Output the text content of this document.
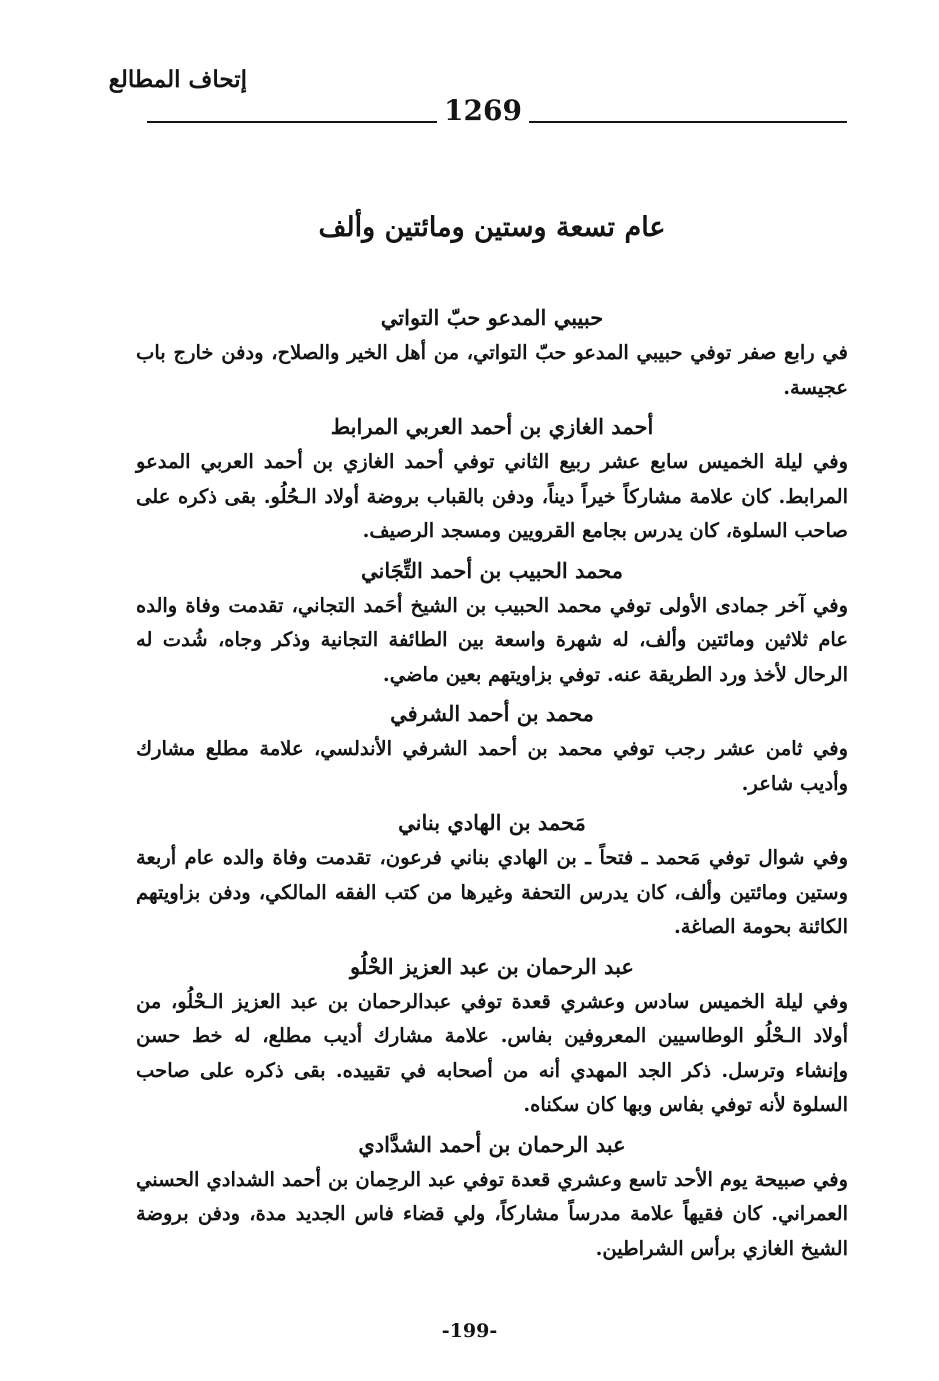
إتحاف المطالع
1269
عام تسعة وستين ومائتين وألف
حبيبي المدعو حبّ التواتي

في رابع صفر توفي حبيبي المدعو حبّ التواتي، من أهل الخير والصلاح، ودفن خارج باب عجيسة.

أحمد الغازي بن أحمد العربي المرابط

وفي ليلة الخميس سابع عشر ربيع الثاني توفي أحمد الغازي بن أحمد العربي المدعو المرابط. كان علامة مشاركاً خيراً ديناً، ودفن بالقباب بروضة أولاد الـحُلُو. بقى ذكره على صاحب السلوة، كان يدرس بجامع القرويين ومسجد الرصيف.

محمد الحبيب بن أحمد التِّجَاني

وفي آخر جمادى الأولى توفي محمد الحبيب بن الشيخ أحَمد التجاني، تقدمت وفاة والده عام ثلاثين ومائتين وألف، له شهرة واسعة بين الطائفة التجانية وذكر وجاه، شُدت له الرحال لأخذ ورد الطريقة عنه. توفي بزاويتهم بعين ماضي.

محمد بن أحمد الشرفي

وفي ثامن عشر رجب توفي محمد بن أحمد الشرفي الأندلسي، علامة مطلع مشارك وأديب شاعر.

مَحمد بن الهادي بناني

وفي شوال توفي مَحمد ـ فتحاً ـ بن الهادي بناني فرعون، تقدمت وفاة والده عام أربعة وستين ومائتين وألف، كان يدرس التحفة وغيرها من كتب الفقه المالكي، ودفن بزاويتهم الكائنة بحومة الصاغة.

عبد الرحمان بن عبد العزيز الحْلُو

وفي ليلة الخميس سادس وعشري قعدة توفي عبدالرحمان بن عبد العزيز الـحْلُو، من أولاد الـحْلُو الوطاسيين المعروفين بفاس. علامة مشارك أديب مطلع، له خط حسن وإنشاء وترسل. ذكر الجد المهدي أنه من أصحابه في تقييده. بقى ذكره على صاحب السلوة لأنه توفي بفاس وبها كان سكناه.

عبد الرحمان بن أحمد الشدَّادي

وفي صبيحة يوم الأحد تاسع وعشري قعدة توفي عبد الرحِمان بن أحمد الشدادي الحسني العمراني. كان فقيهاً علامة مدرساً مشاركاً، ولي قضاء فاس الجديد مدة، ودفن بروضة الشيخ الغازي برأس الشراطين.

-199-
